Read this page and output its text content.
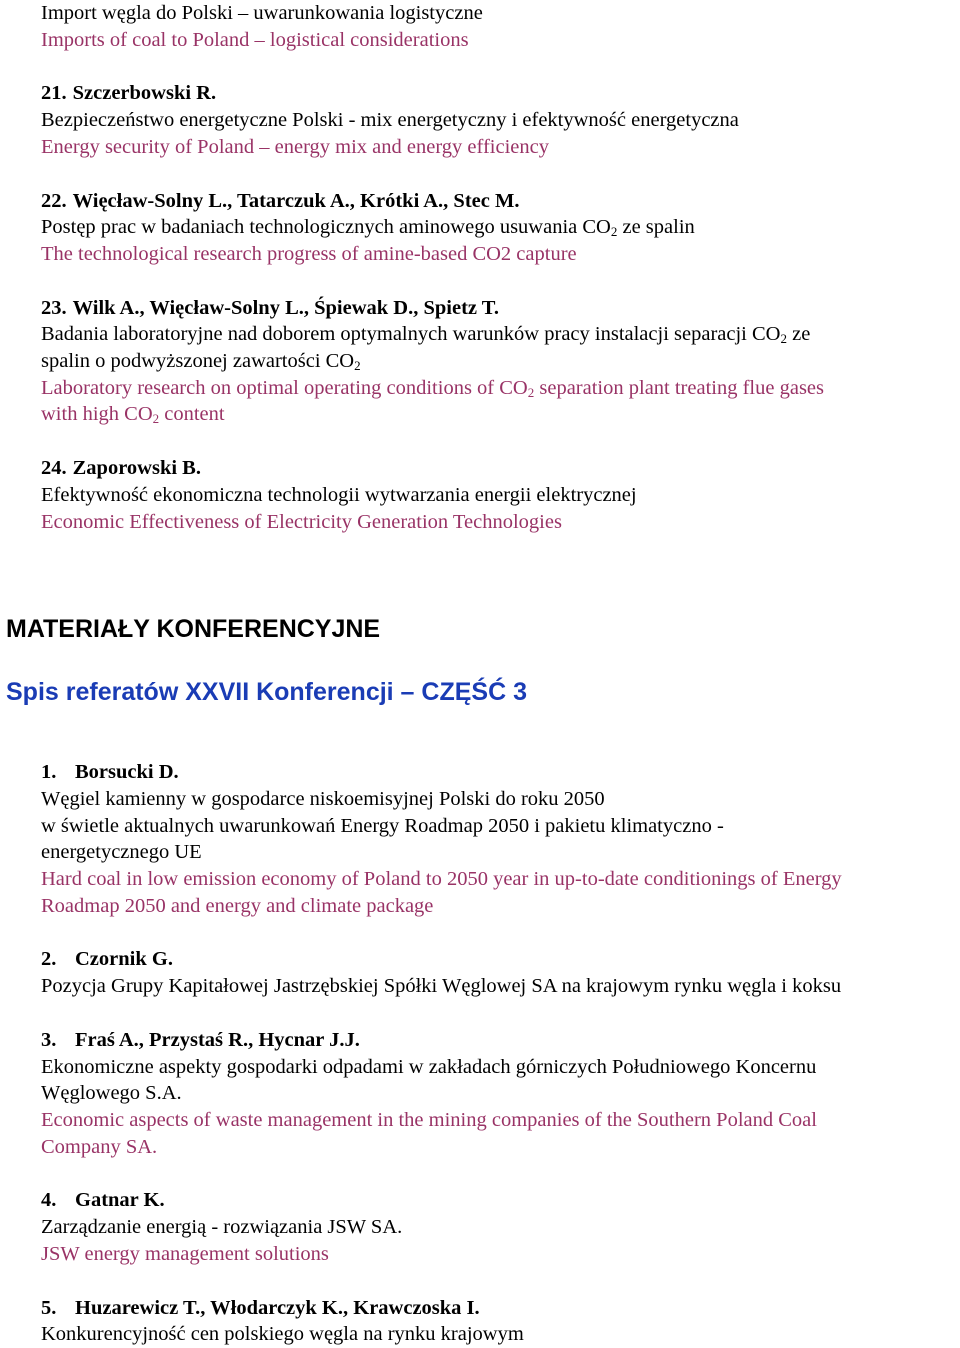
Import węgla do Polski – uwarunkowania logistyczne

Imports of coal to Poland – logistical considerations

21. Szczerbowski R.

Bezpieczeństwo energetyczne Polski - mix energetyczny i efektywność energetyczna

Energy security of Poland – energy mix and energy efficiency

22. Więcław-Solny L., Tatarczuk A., Krótki A., Stec M.

Postęp prac w badaniach technologicznych aminowego usuwania $CO_2$ ze spalin

The technological research progress of amine-based CO2 capture

23. Wilk A., Więcław-Solny L., Śpiewak D., Spietz T.

Badania laboratoryjne nad doborem optymalnych warunków pracy instalacji separacji $CO_2$ ze

spalin o podwyższonej zawartości $CO_2$

Laboratory research on optimal operating conditions of $CO_2$ separation plant treating flue gases

with high $CO_2$ content

24. Zaporowski B.

Efektywność ekonomiczna technologii wytwarzania energii elektrycznej

Economic Effectiveness of Electricity Generation Technologies

MATERIAŁY KONFERENCYJNE

Spis referatów XXVII Konferencji – CZĘŚĆ 3

1. Borsucki D.

Węgiel kamienny w gospodarce niskoemisyjnej Polski do roku 2050

w świetle aktualnych uwarunkowań Energy Roadmap 2050 i pakietu klimatyczno -

energetycznego UE

Hard coal in low emission economy of Poland to 2050 year in up-to-date conditionings of Energy

Roadmap 2050 and energy and climate package

2. Czornik G.

Pozycja Grupy Kapitałowej Jastrzębskiej Spółki Węglowej SA na krajowym rynku węgla i koksu

3. Fraś A., Przystaś R., Hycnar J.J.

Ekonomiczne aspekty gospodarki odpadami w zakładach górniczych Południowego Koncernu

Węglowego S.A.

Economic aspects of waste management in the mining companies of the Southern Poland Coal

Company SA.

4. Gatnar K.

Zarządzanie energią - rozwiązania JSW SA.

JSW energy management solutions

5. Huzarewicz T., Włodarczyk K., Krawczoska I.

Konkurencyjność cen polskiego węgla na rynku krajowym
